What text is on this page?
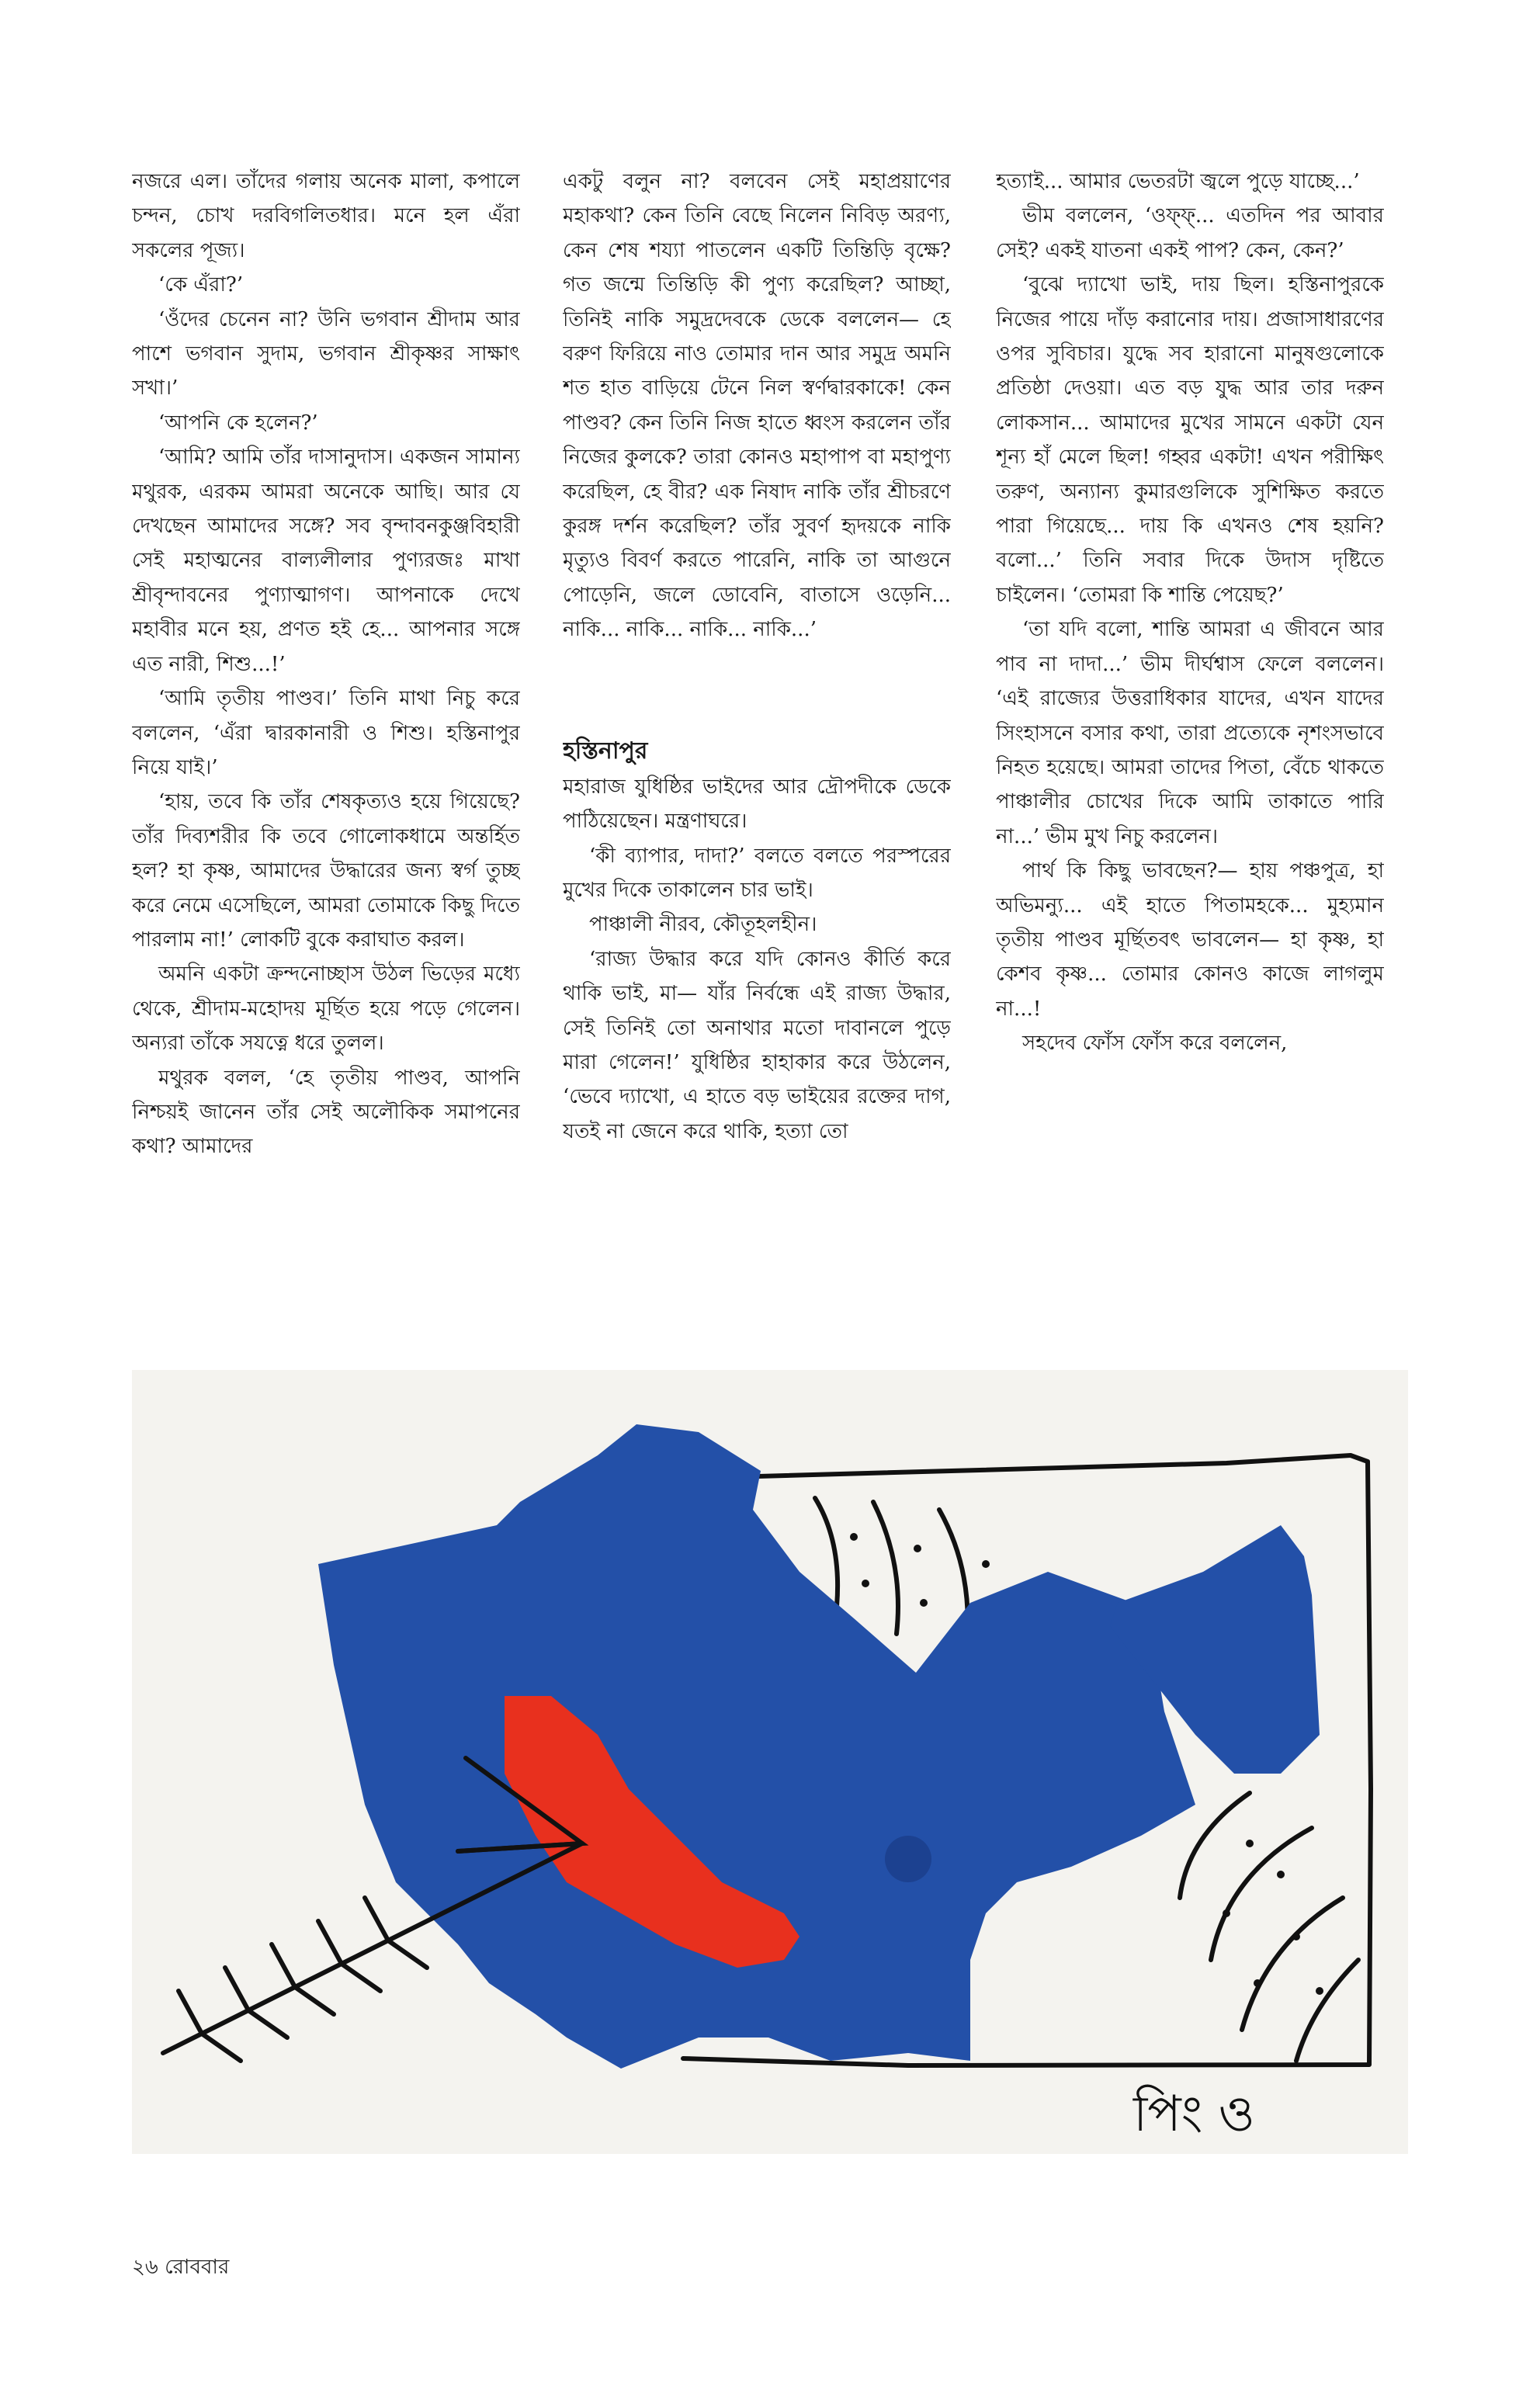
নজরে এল। তাঁদের গলায় অনেক মালা, কপালে চন্দন, চোখ দরবিগলিতধার। মনে হল এঁরা সকলের পূজ্য।

‘কে এঁরা?’

‘ওঁদের চেনেন না? উনি ভগবান শ্রীদাম আর পাশে ভগবান সুদাম, ভগবান শ্রীকৃষ্ণর সাক্ষাৎ সখা।’

‘আপনি কে হলেন?’

‘আমি? আমি তাঁর দাসানুদাস। একজন সামান্য মথুরক, এরকম আমরা অনেকে আছি। আর যে দেখছেন আমাদের সঙ্গে? সব বৃন্দাবনকুঞ্জবিহারী সেই মহাত্মনের বাল্যলীলার পুণ্যরজঃ মাখা শ্রীবৃন্দাবনের পুণ্যাত্মাগণ। আপনাকে দেখে মহাবীর মনে হয়, প্রণত হই হে... আপনার সঙ্গে এত নারী, শিশু...!’

‘আমি তৃতীয় পাণ্ডব।’ তিনি মাথা নিচু করে বললেন, ‘এঁরা দ্বারকানারী ও শিশু। হস্তিনাপুর নিয়ে যাই।’

‘হায়, তবে কি তাঁর শেষকৃত্যও হয়ে গিয়েছে? তাঁর দিব্যশরীর কি তবে গোলোকধামে অন্তর্হিত হল? হা কৃষ্ণ, আমাদের উদ্ধারের জন্য স্বর্গ তুচ্ছ করে নেমে এসেছিলে, আমরা তোমাকে কিছু দিতে পারলাম না!’ লোকটি বুকে করাঘাত করল।

অমনি একটা ক্রন্দনোচ্ছাস উঠল ভিড়ের মধ্যে থেকে, শ্রীদাম-মহোদয় মূর্ছিত হয়ে পড়ে গেলেন। অন্যরা তাঁকে সযত্নে ধরে তুলল।

মথুরক বলল, ‘হে তৃতীয় পাণ্ডব, আপনি নিশ্চয়ই জানেন তাঁর সেই অলৌকিক সমাপনের কথা? আমাদের

একটু বলুন না? বলবেন সেই মহাপ্রয়াণের মহাকথা? কেন তিনি বেছে নিলেন নিবিড় অরণ্য, কেন শেষ শয্যা পাতলেন একটি তিন্তিড়ি বৃক্ষে? গত জন্মে তিন্তিড়ি কী পুণ্য করেছিল? আচ্ছা, তিনিই নাকি সমুদ্রদেবকে ডেকে বললেন— হে বরুণ ফিরিয়ে নাও তোমার দান আর সমুদ্র অমনি শত হাত বাড়িয়ে টেনে নিল স্বর্ণদ্বারকাকে! কেন পাণ্ডব? কেন তিনি নিজ হাতে ধ্বংস করলেন তাঁর নিজের কুলকে? তারা কোনও মহাপাপ বা মহাপুণ্য করেছিল, হে বীর? এক নিষাদ নাকি তাঁর শ্রীচরণে কুরঙ্গ দর্শন করেছিল? তাঁর সুবর্ণ হৃদয়কে নাকি মৃত্যুও বিবর্ণ করতে পারেনি, নাকি তা আগুনে পোড়েনি, জলে ডোবেনি, বাতাসে ওড়েনি... নাকি... নাকি... নাকি... নাকি...’

হস্তিনাপুর

মহারাজ যুধিষ্ঠির ভাইদের আর দ্রৌপদীকে ডেকে পাঠিয়েছেন। মন্ত্রণাঘরে।

‘কী ব্যাপার, দাদা?’ বলতে বলতে পরস্পরের মুখের দিকে তাকালেন চার ভাই।

পাঞ্চালী নীরব, কৌতূহলহীন।

‘রাজ্য উদ্ধার করে যদি কোনও কীর্তি করে থাকি ভাই, মা— যাঁর নির্বন্ধে এই রাজ্য উদ্ধার, সেই তিনিই তো অনাথার মতো দাবানলে পুড়ে মারা গেলেন!’ যুধিষ্ঠির হাহাকার করে উঠলেন, ‘ভেবে দ্যাখো, এ হাতে বড় ভাইয়ের রক্তের দাগ, যতই না জেনে করে থাকি, হত্যা তো

হত্যাই... আমার ভেতরটা জ্বলে পুড়ে যাচ্ছে...’

ভীম বললেন, ‘ওফ্‌ফ্‌... এতদিন পর আবার সেই? একই যাতনা একই পাপ? কেন, কেন?’

‘বুঝে দ্যাখো ভাই, দায় ছিল। হস্তিনাপুরকে নিজের পায়ে দাঁড় করানোর দায়। প্রজাসাধারণের ওপর সুবিচার। যুদ্ধে সব হারানো মানুষগুলোকে প্রতিষ্ঠা দেওয়া। এত বড় যুদ্ধ আর তার দরুন লোকসান... আমাদের মুখের সামনে একটা যেন শূন্য হাঁ মেলে ছিল! গহ্বর একটা! এখন পরীক্ষিৎ তরুণ, অন্যান্য কুমারগুলিকে সুশিক্ষিত করতে পারা গিয়েছে... দায় কি এখনও শেষ হয়নি? বলো...’ তিনি সবার দিকে উদাস দৃষ্টিতে চাইলেন। ‘তোমরা কি শান্তি পেয়েছ?’

‘তা যদি বলো, শান্তি আমরা এ জীবনে আর পাব না দাদা...’ ভীম দীর্ঘশ্বাস ফেলে বললেন। ‘এই রাজ্যের উত্তরাধিকার যাদের, এখন যাদের সিংহাসনে বসার কথা, তারা প্রত্যেকে নৃশংসভাবে নিহত হয়েছে। আমরা তাদের পিতা, বেঁচে থাকতে পাঞ্চালীর চোখের দিকে আমি তাকাতে পারি না...’ ভীম মুখ নিচু করলেন।

পার্থ কি কিছু ভাবছেন?— হায় পঞ্চপুত্র, হা অভিমন্যু... এই হাতে পিতামহকে... মুহ্যমান তৃতীয় পাণ্ডব মূর্ছিতবৎ ভাবলেন— হা কৃষ্ণ, হা কেশব কৃষ্ণ... তোমার কোনও কাজে লাগলুম না...!

সহদেব ফোঁস ফোঁস করে বললেন,

পিং ও
২৬ রোববার
